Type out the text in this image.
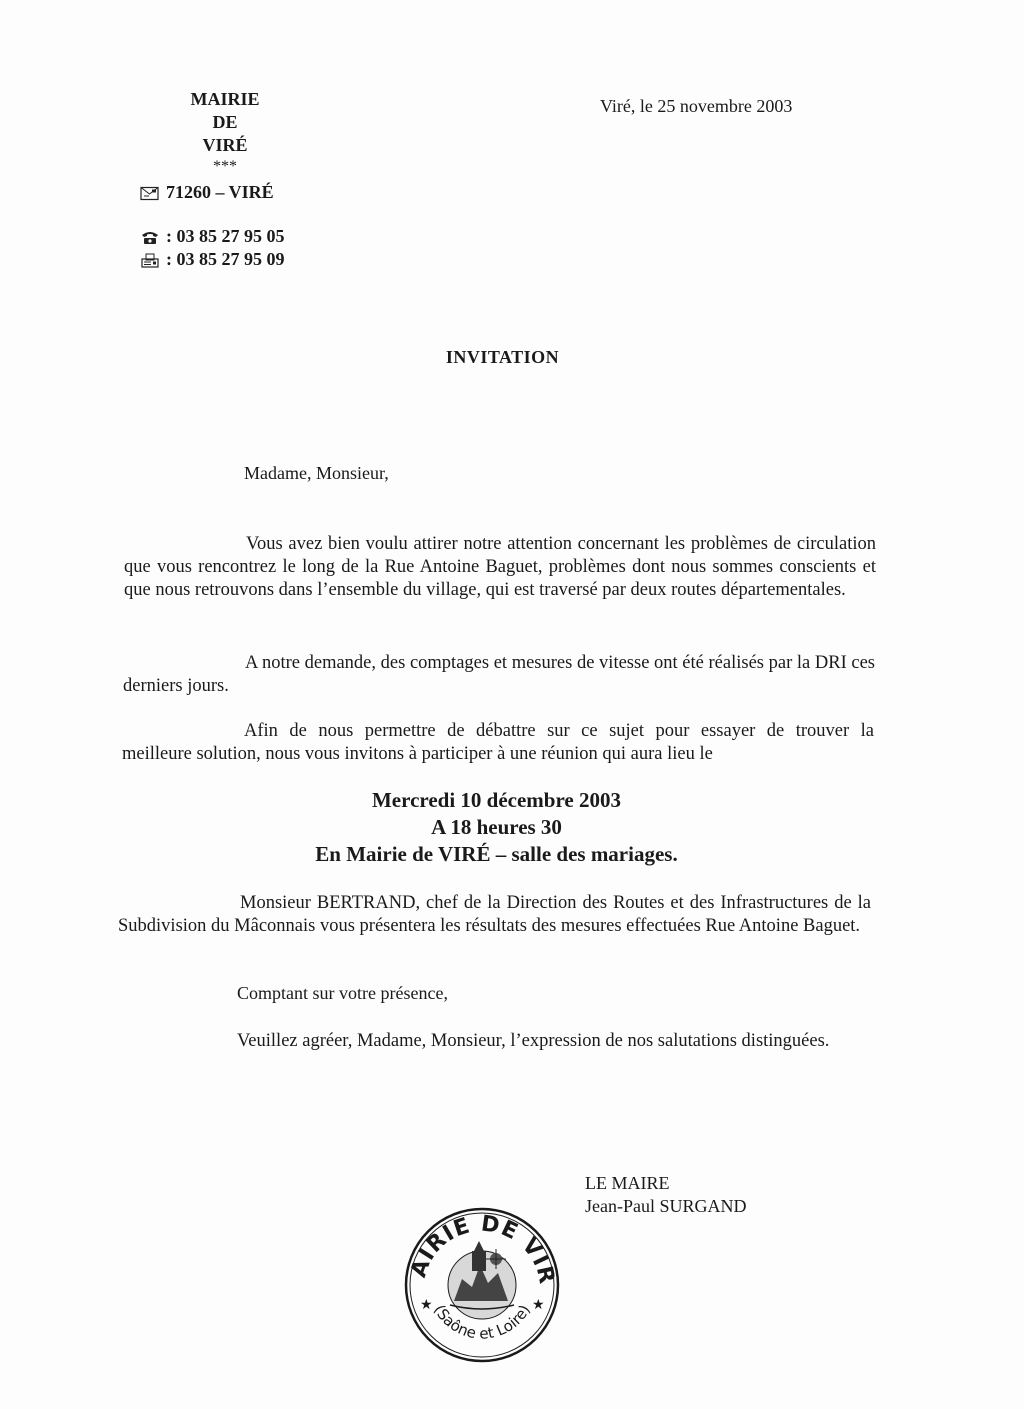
MAIRIE
DE
VIRÉ
***
71260 – VIRÉ
: 03 85 27 95 05
: 03 85 27 95 09
Viré, le 25 novembre 2003
INVITATION
Madame, Monsieur,

Vous avez bien voulu attirer notre attention concernant les problèmes de circulation que vous rencontrez le long de la Rue Antoine Baguet, problèmes dont nous sommes conscients et que nous retrouvons dans l’ensemble du village, qui est traversé par deux routes départementales.

A notre demande, des comptages et mesures de vitesse ont été réalisés par la DRI ces derniers jours.

Afin de nous permettre de débattre sur ce sujet pour essayer de trouver la

meilleure solution, nous vous invitons à participer à une réunion qui aura lieu le

Mercredi 10 décembre 2003
A 18 heures 30
En Mairie de VIRÉ – salle des mariages.

Monsieur BERTRAND, chef de la Direction des Routes et des Infrastructures de la Subdivision du Mâconnais vous présentera les résultats des mesures effectuées Rue Antoine Baguet.

Comptant sur votre présence,

Veuillez agréer, Madame, Monsieur, l’expression de nos salutations distinguées.

LE MAIRE
Jean-Paul SURGAND
AIRIE DE VIR
(Saône et Loire)
★	★
